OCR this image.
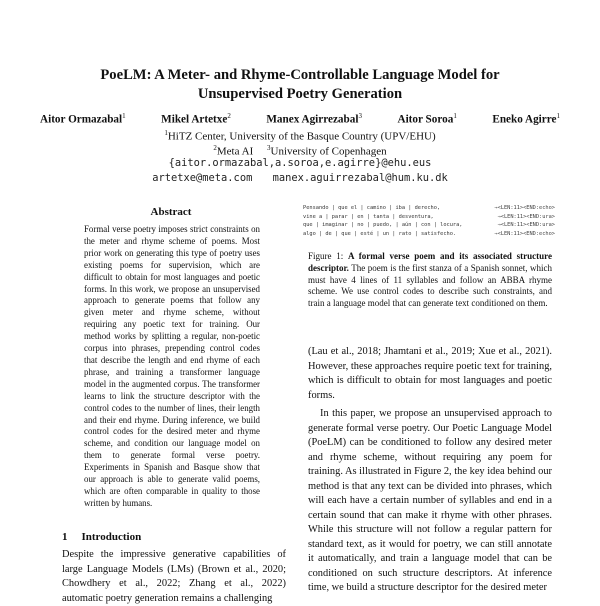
PoeLM: A Meter- and Rhyme-Controllable Language Model for
Unsupervised Poetry Generation
Aitor Ormazabal$^1$	Mikel Artetxe$^2$	Manex Agirrezabal$^3$	Aitor Soroa$^1$	Eneko Agirre$^1$
$^1$HiTZ Center, University of the Basque Country (UPV/EHU)
$^2$Meta AI $^3$University of Copenhagen
{aitor.ormazabal,a.soroa,e.agirre}@ehu.eus
artetxe@meta.com manex.aguirrezabal@hum.ku.dk
Abstract
Formal verse poetry imposes strict constraints on the meter and rhyme scheme of poems. Most prior work on generating this type of poetry uses existing poems for supervision, which are difficult to obtain for most languages and poetic forms. In this work, we propose an unsupervised approach to generate poems that follow any given meter and rhyme scheme, without requiring any poetic text for training. Our method works by splitting a regular, non-poetic corpus into phrases, prepending control codes that describe the length and end rhyme of each phrase, and training a transformer language model in the augmented corpus. The transformer learns to link the structure descriptor with the control codes to the number of lines, their length and their end rhyme. During inference, we build control codes for the desired meter and rhyme scheme, and condition our language model on them to generate formal verse poetry. Experiments in Spanish and Basque show that our approach is able to generate valid poems, which are often comparable in quality to those written by humans.
1 Introduction
Despite the impressive generative capabilities of large Language Models (LMs) (Brown et al., 2020; Chowdhery et al., 2022; Zhang et al., 2022) automatic poetry generation remains a challenging
Pensando | que el | camino | iba | derecho,	→<LEN:11><END:echo>
vine a | parar | en | tanta | desventura,	→<LEN:11><END:ura>
que | imaginar | no | puedo, | aún | con | locura,	→<LEN:11><END:ura>
algo | de | que | esté | un | rato | satisfecho.	→<LEN:11><END:echo>
Figure 1: A formal verse poem and its associated structure descriptor. The poem is the first stanza of a Spanish sonnet, which must have 4 lines of 11 syllables and follow an ABBA rhyme scheme. We use control codes to describe such constraints, and train a language model that can generate text conditioned on them.

(Lau et al., 2018; Jhamtani et al., 2019; Xue et al., 2021). However, these approaches require poetic text for training, which is difficult to obtain for most languages and poetic forms.

In this paper, we propose an unsupervised approach to generate formal verse poetry. Our Poetic Language Model (PoeLM) can be conditioned to follow any desired meter and rhyme scheme, without requiring any poem for training. As illustrated in Figure 2, the key idea behind our method is that any text can be divided into phrases, which will each have a certain number of syllables and end in a certain sound that can make it rhyme with other phrases. While this structure will not follow a regular pattern for standard text, as it would for poetry, we can still annotate it automatically, and train a language model that can be conditioned on such structure descriptors. At inference time, we build a structure descriptor for the desired meter
